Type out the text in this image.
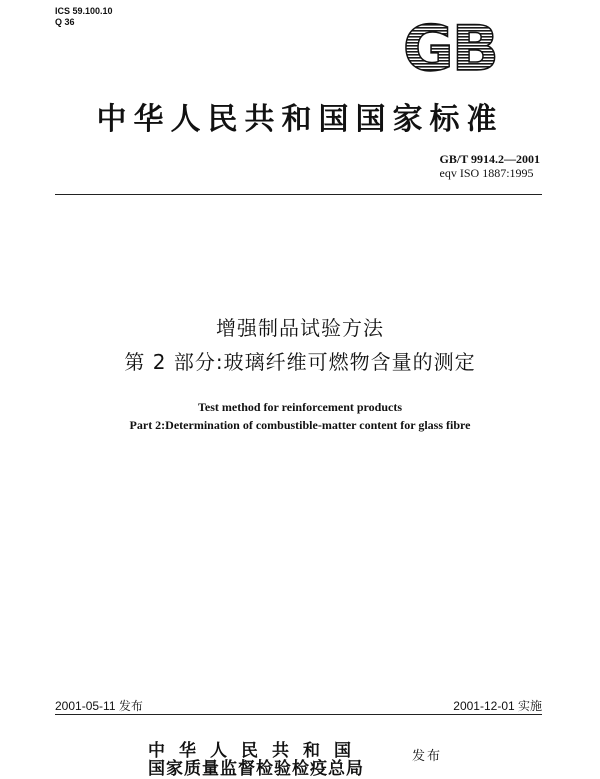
ICS 59.100.10
Q 36	GB
中华人民共和国国家标准
GB/T 9914.2—2001
eqv ISO 1887:1995
增强制品试验方法
第 2 部分:玻璃纤维可燃物含量的测定
Test method for reinforcement products
Part 2:Determination of combustible-matter content for glass fibre
2001-05-11 发布	2001-12-01 实施
中华人民共和国
国家质量监督检验检疫总局
发布
